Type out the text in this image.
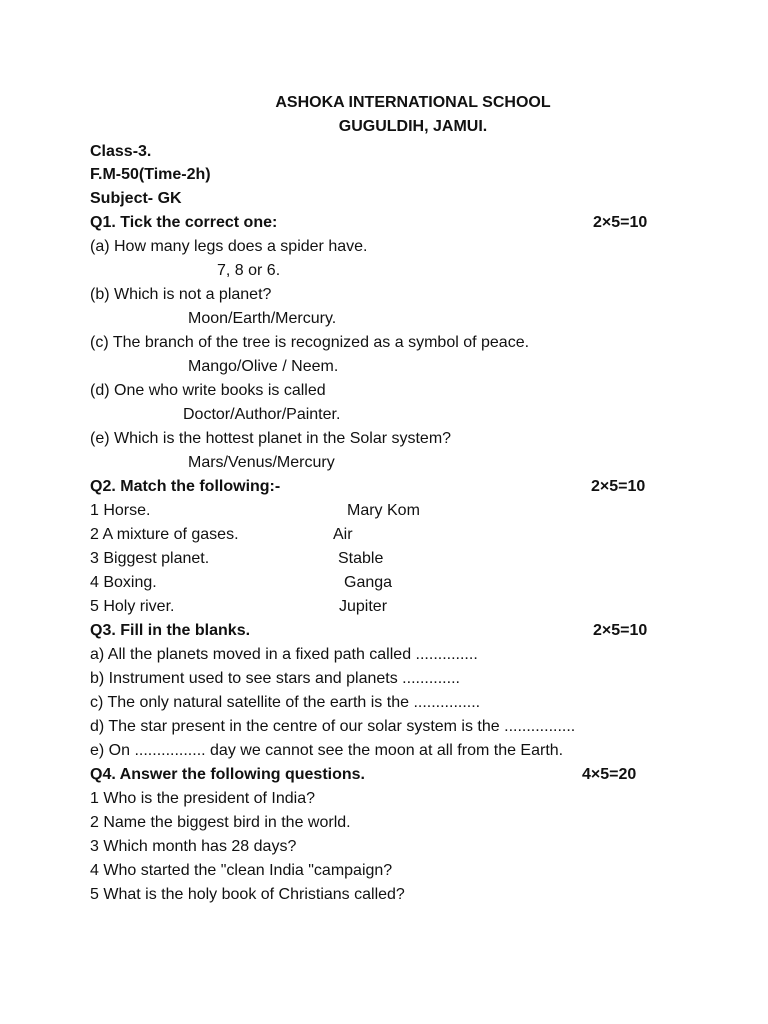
ASHOKA INTERNATIONAL SCHOOL
GUGULDIH, JAMUI.
Class-3.
F.M-50(Time-2h)
Subject- GK
Q1. Tick the correct one:	2×5=10
(a) How many legs does a spider have.
7, 8 or 6.
(b) Which is not a planet?
Moon/Earth/Mercury.
(c) The branch of the tree is recognized as a symbol of peace.
Mango/Olive / Neem.
(d) One who write books is called
Doctor/Author/Painter.
(e) Which is the hottest planet in the Solar system?
Mars/Venus/Mercury
Q2. Match the following:-	2×5=10
1 Horse.	Mary Kom
2 A mixture of gases.	Air
3 Biggest planet.	Stable
4 Boxing.	Ganga
5 Holy river.	Jupiter
Q3. Fill in the blanks.	2×5=10
a) All the planets moved in a fixed path called ..............
b) Instrument used to see stars and planets .............
c) The only natural satellite of the earth is the ...............
d) The star present in the centre of our solar system is the ................
e) On ................ day we cannot see the moon at all from the Earth.
Q4. Answer the following questions.	4×5=20
1 Who is the president of India?
2 Name the biggest bird in the world.
3 Which month has 28 days?
4 Who started the "clean India "campaign?
5 What is the holy book of Christians called?
